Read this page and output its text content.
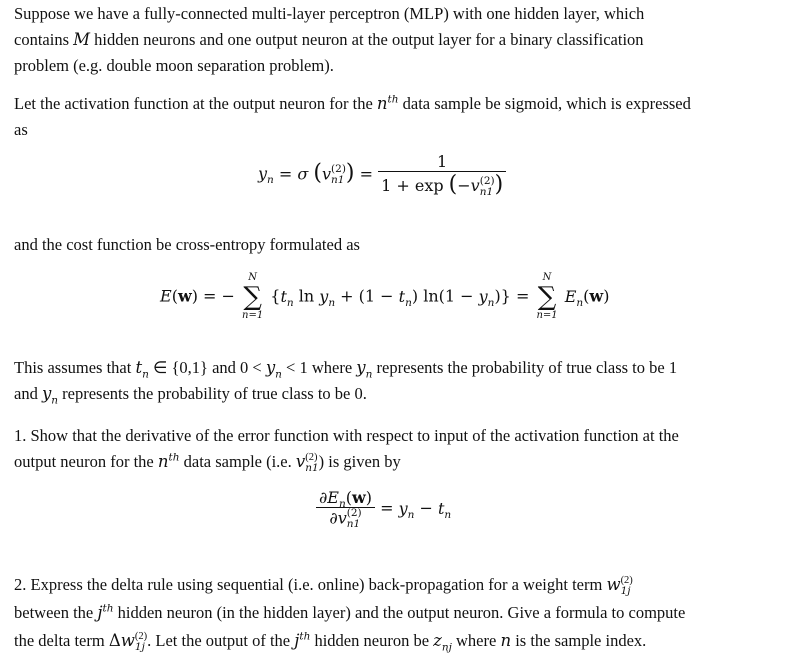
Suppose we have a fully-connected multi-layer perceptron (MLP) with one hidden layer, which
contains M hidden neurons and one output neuron at the output layer for a binary classification
problem (e.g. double moon separation problem).

Let the activation function at the output neuron for the $n^{th}$ data sample be sigmoid, which is expressed
as

$y_n = \sigma$ (v(2)
n1) =
1
1 + exp (−v(2)
n1)

and the cost function be cross-entropy formulated as

E(w) = −
N
∑
n=1
{$t_n$ $\ln y_n + (1 - t_n) \ln(1 - y_n)$} =
N
∑
n=1
$E_n(w)$

This assumes that $t_n$ ∈ {0,1} and $0 < y_n < 1$ where $y_n$ represents the probability of true class to be 1
and $y_n$ represents the probability of true class to be 0.

1. Show that the derivative of the error function with respect to input of the activation function at the
output neuron for the $n^{th}$ data sample (i.e. v(2)
n1) is given by

$\partial E_n(w)$
∂v(2)
n1
= $y_n - t_n$

2. Express the delta rule using sequential (i.e. online) back-propagation for a weight term w(2)
1j
between the $j^{th}$ hidden neuron (in the hidden layer) and the output neuron. Give a formula to compute
the delta term Δw(2)
1j . Let the output of the $j^{th}$ hidden neuron be $z_{nj}$ where n is the sample index.
